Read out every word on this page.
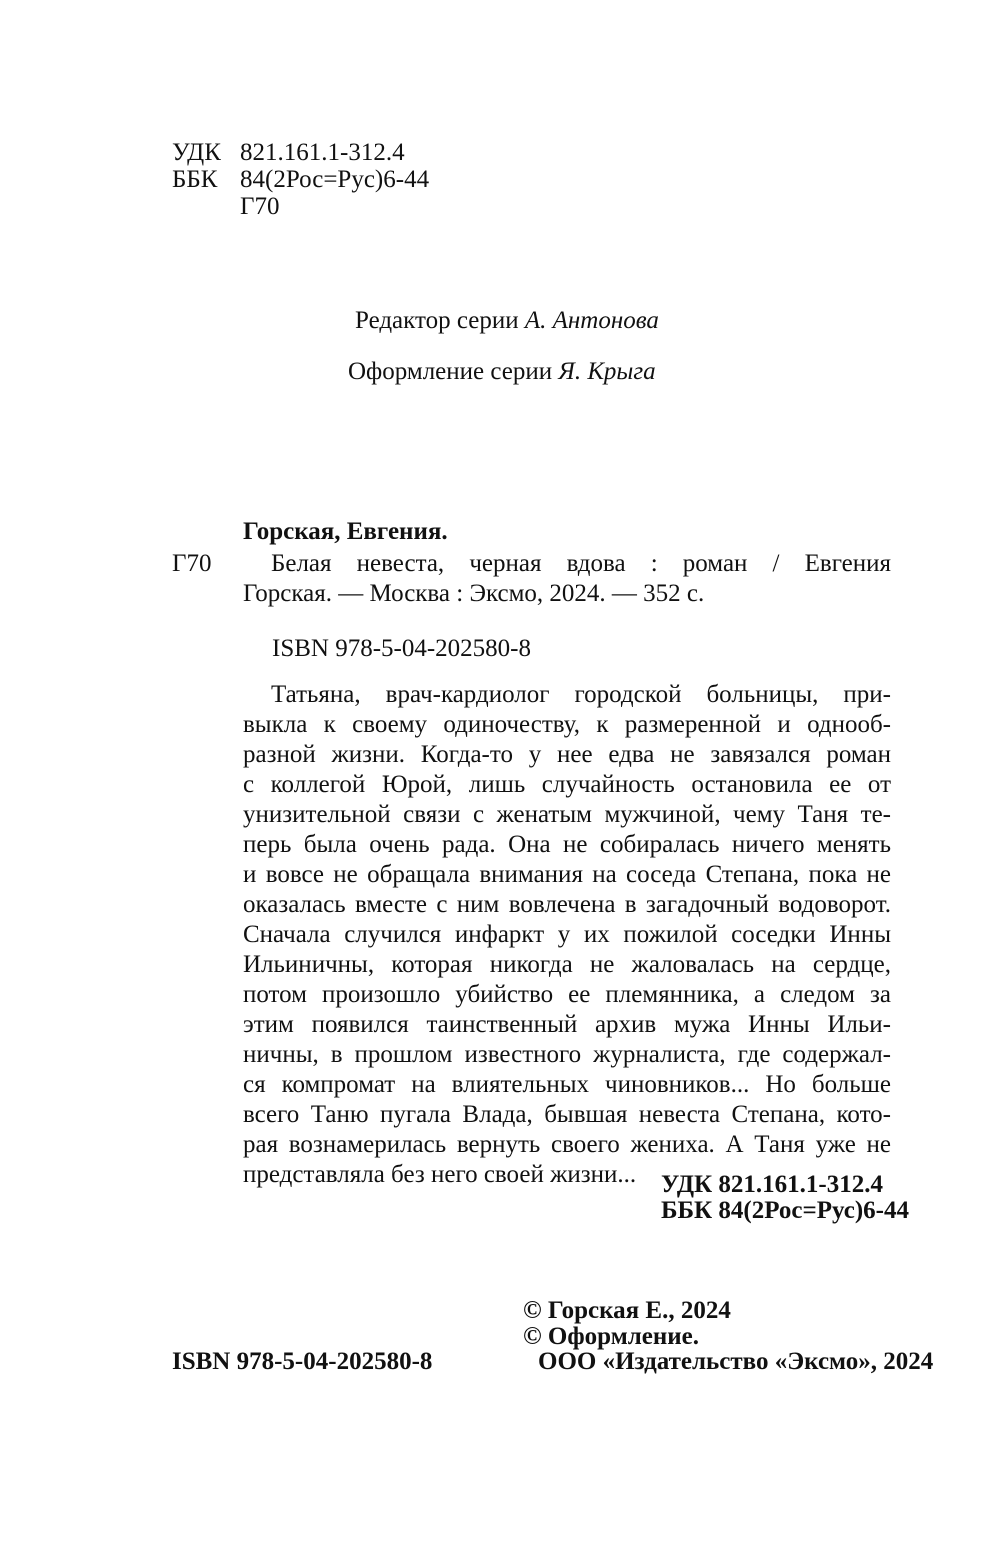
УДК 821.161.1-312.4
ББК 84(2Рос=Рус)6-44
Г70
Редактор серии А. Антонова
Оформление серии Я. Крыга
Горская, Евгения.
Г70	Белая невеста, черная вдова : роман / Евгения

Горская. — Москва : Эксмо, 2024. — 352 с.

ISBN 978-5-04-202580-8

Татьяна, врач-кардиолог городской больницы, при-

выкла к своему одиночеству, к размеренной и однооб-

разной жизни. Когда-то у нее едва не завязался роман

с коллегой Юрой, лишь случайность остановила ее от

унизительной связи с женатым мужчиной, чему Таня те-

перь была очень рада. Она не собиралась ничего менять

и вовсе не обращала внимания на соседа Степана, пока не

оказалась вместе с ним вовлечена в загадочный водоворот.

Сначала случился инфаркт у их пожилой соседки Инны

Ильиничны, которая никогда не жаловалась на сердце,

потом произошло убийство ее племянника, а следом за

этим появился таинственный архив мужа Инны Ильи-

ничны, в прошлом известного журналиста, где содержал-

ся компромат на влиятельных чиновников... Но больше

всего Таню пугала Влада, бывшая невеста Степана, кото-

рая вознамерилась вернуть своего жениха. А Таня уже не

представляла без него своей жизни... УДК 821.161.1-312.4
ББК 84(2Рос=Рус)6-44
ISBN 978-5-04-202580-8
© Горская Е., 2024
© Оформление.
ООО «Издательство «Эксмо», 2024
